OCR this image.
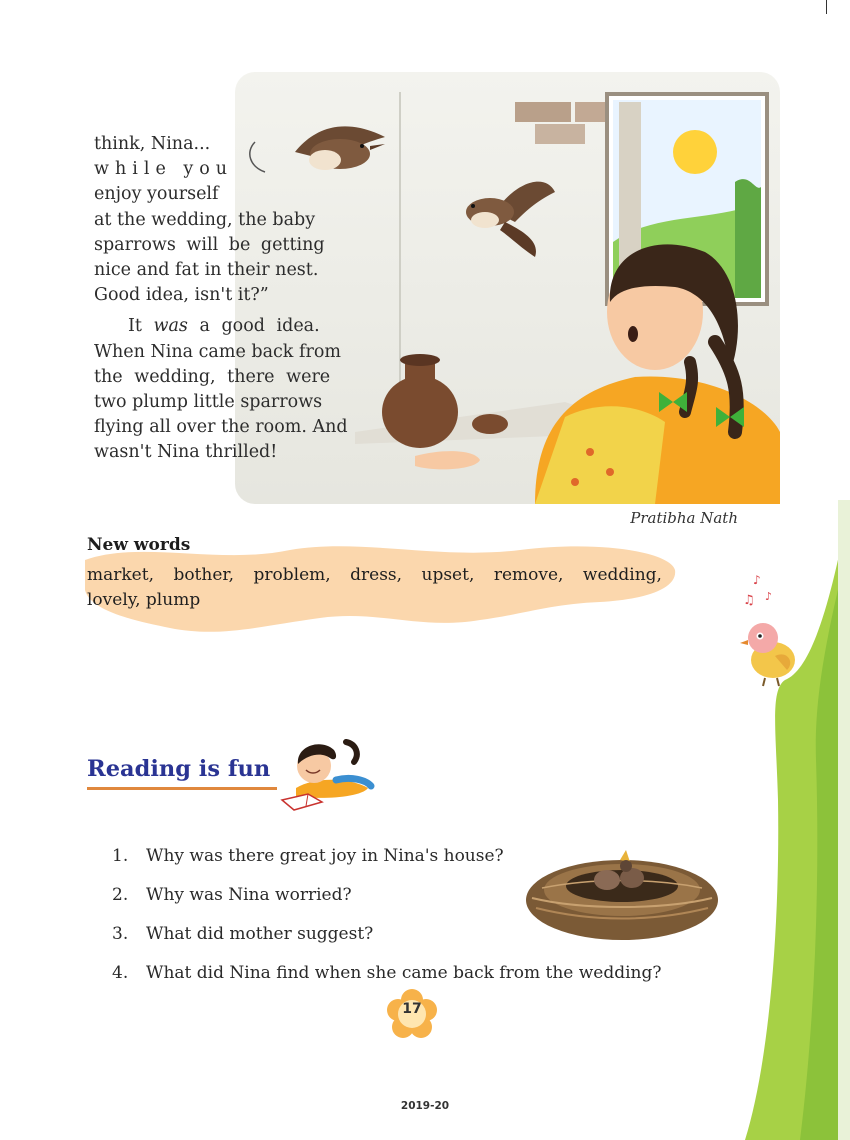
♪
♫ ♪
think, Nina...
while you
enjoy yourself
at the wedding, the baby
sparrows will be getting
nice and fat in their nest.
Good idea, isn't it?”
It was a good idea.
When Nina came back from
the wedding, there were
two plump little sparrows
flying all over the room. And
wasn't Nina thrilled!
Pratibha Nath
New words
market, bother, problem, dress, upset, remove, wedding,
lovely, plump
Reading is fun
1.	Why was there great joy in Nina's house?
2.	Why was Nina worried?
3.	What did mother suggest?
4.	What did Nina find when she came back from the wedding?
17
2019-20
